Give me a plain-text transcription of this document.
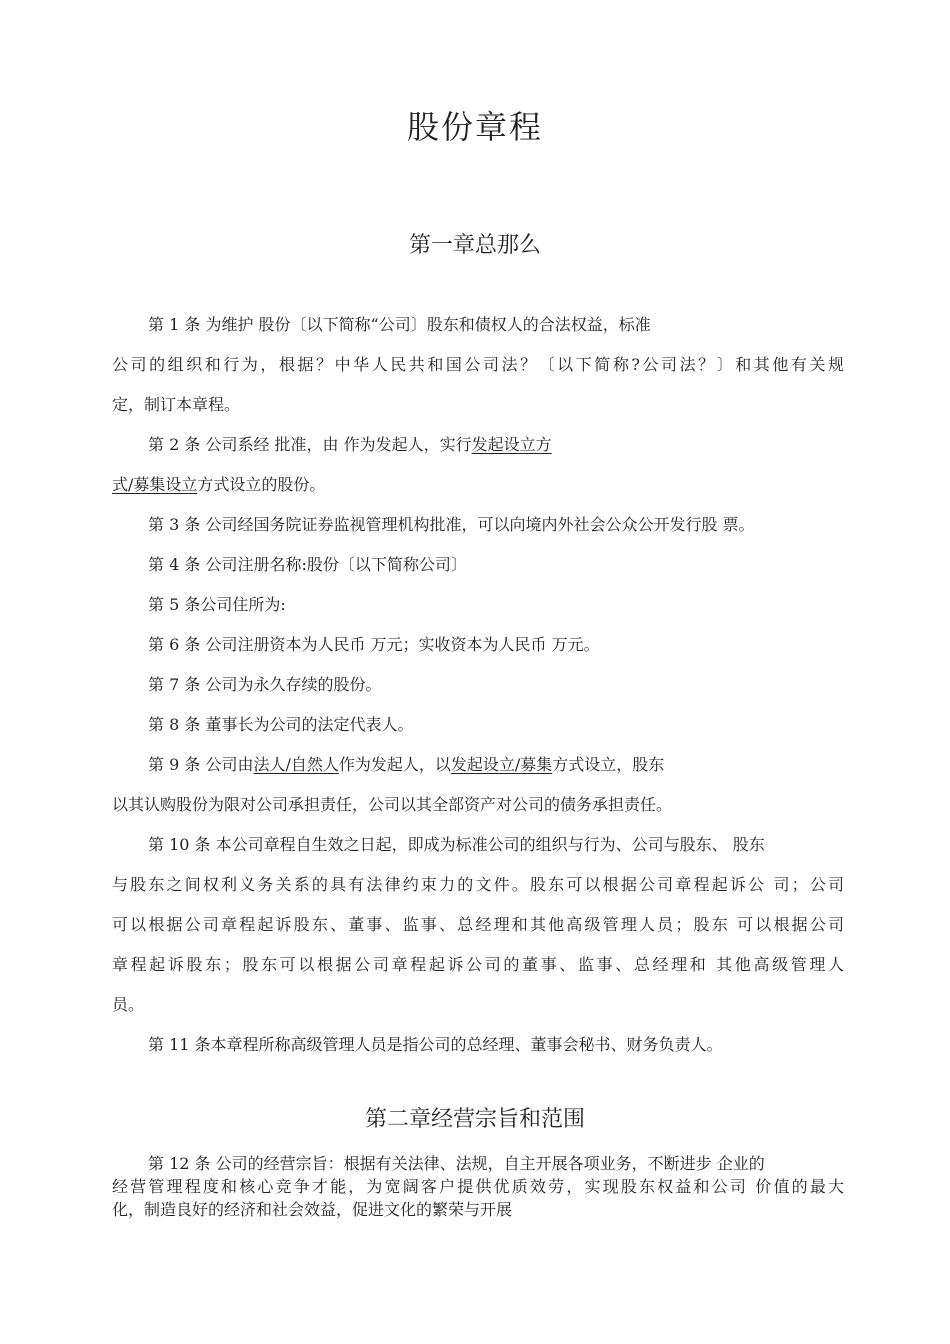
股份章程
第一章总那么

第 1 条 为维护 股份〔以下简称“公司〕股东和债权人的合法权益，标准

公司的组织和行为，根据？中华人民共和国公司法？〔以下简称?公司法？〕和其他有关规

定，制订本章程。

第 2 条 公司系经 批准，由 作为发起人，实行发起设立方

式/募集设立方式设立的股份。

第 3 条 公司经国务院证券监视管理机构批准，可以向境内外社会公众公开发行股 票。

第 4 条 公司注册名称:股份〔以下简称公司〕

第 5 条公司住所为:

第 6 条 公司注册资本为人民币 万元；实收资本为人民币 万元。

第 7 条 公司为永久存续的股份。

第 8 条 董事长为公司的法定代表人。

第 9 条 公司由法人/自然人作为发起人，以发起设立/募集方式设立，股东

以其认购股份为限对公司承担责任，公司以其全部资产对公司的债务承担责任。

第 10 条 本公司章程自生效之日起，即成为标准公司的组织与行为、公司与股东、 股东

与股东之间权利义务关系的具有法律约束力的文件。股东可以根据公司章程起诉公 司；公司

可以根据公司章程起诉股东、董事、监事、总经理和其他高级管理人员；股东 可以根据公司

章程起诉股东；股东可以根据公司章程起诉公司的董事、监事、总经理和 其他高级管理人

员。

第 11 条本章程所称高级管理人员是指公司的总经理、董事会秘书、财务负责人。

第二章经营宗旨和范围

第 12 条 公司的经营宗旨：根据有关法律、法规，自主开展各项业务，不断进步 企业的

经营管理程度和核心竞争才能，为宽阔客户提供优质效劳，实现股东权益和公司 价值的最大

化，制造良好的经济和社会效益，促进文化的繁荣与开展
